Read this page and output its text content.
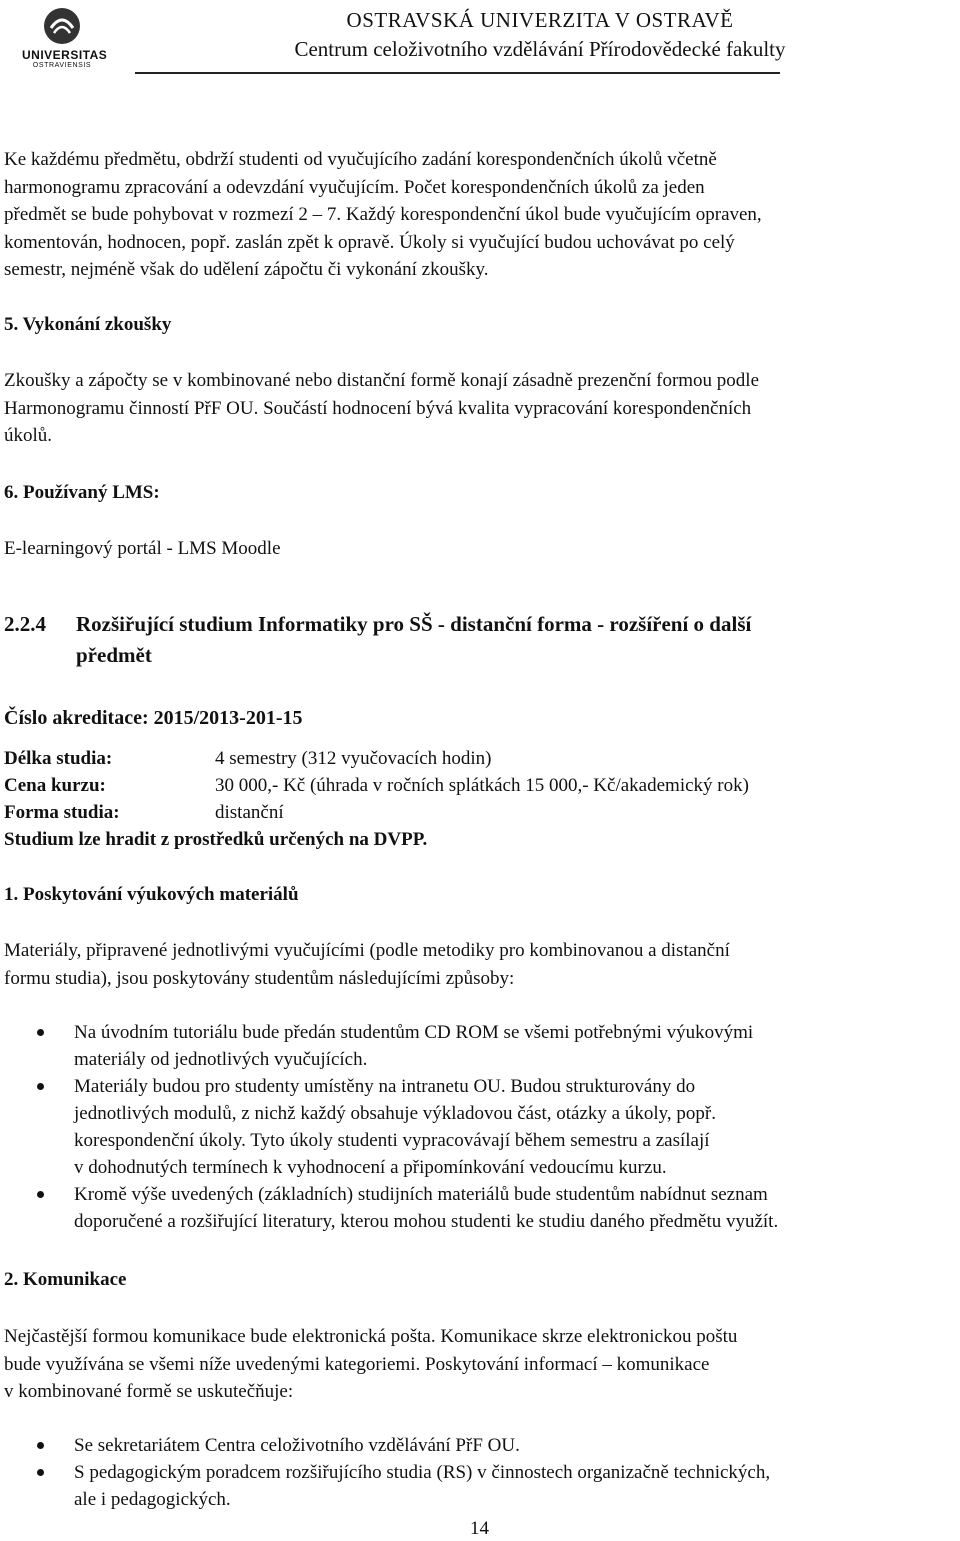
UNIVERSITAS
OSTRAVIENSIS
OSTRAVSKÁ UNIVERZITA V OSTRAVĚ
Centrum celoživotního vzdělávání Přírodovědecké fakulty
Ke každému předmětu, obdrží studenti od vyučujícího zadání korespondenčních úkolů včetně
harmonogramu zpracování a odevzdání vyučujícím. Počet korespondenčních úkolů za jeden
předmět se bude pohybovat v rozmezí 2 – 7. Každý korespondenční úkol bude vyučujícím opraven,
komentován, hodnocen, popř. zaslán zpět k opravě. Úkoly si vyučující budou uchovávat po celý
semestr, nejméně však do udělení zápočtu či vykonání zkoušky.
5. Vykonání zkoušky
Zkoušky a zápočty se v kombinované nebo distanční formě konají zásadně prezenční formou podle
Harmonogramu činností PřF OU. Součástí hodnocení bývá kvalita vypracování korespondenčních
úkolů.
6. Používaný LMS:
E-learningový portál - LMS Moodle
2.2.4 Rozšiřující studium Informatiky pro SŠ - distanční forma - rozšíření o další
předmět
Číslo akreditace: 2015/2013-201-15
Délka studia:	4 semestry (312 vyučovacích hodin)
Cena kurzu:	30 000,- Kč (úhrada v ročních splátkách 15 000,- Kč/akademický rok)
Forma studia:	distanční
Studium lze hradit z prostředků určených na DVPP.
1. Poskytování výukových materiálů
Materiály, připravené jednotlivými vyučujícími (podle metodiky pro kombinovanou a distanční
formu studia), jsou poskytovány studentům následujícími způsoby:
Na úvodním tutoriálu bude předán studentům CD ROM se všemi potřebnými výukovými
materiály od jednotlivých vyučujících.
Materiály budou pro studenty umístěny na intranetu OU. Budou strukturovány do
jednotlivých modulů, z nichž každý obsahuje výkladovou část, otázky a úkoly, popř.
korespondenční úkoly. Tyto úkoly studenti vypracovávají během semestru a zasílají
v dohodnutých termínech k vyhodnocení a připomínkování vedoucímu kurzu.
Kromě výše uvedených (základních) studijních materiálů bude studentům nabídnut seznam
doporučené a rozšiřující literatury, kterou mohou studenti ke studiu daného předmětu využít.
2. Komunikace
Nejčastější formou komunikace bude elektronická pošta. Komunikace skrze elektronickou poštu
bude využívána se všemi níže uvedenými kategoriemi. Poskytování informací – komunikace
v kombinované formě se uskutečňuje:
Se sekretariátem Centra celoživotního vzdělávání PřF OU.
S pedagogickým poradcem rozšiřujícího studia (RS) v činnostech organizačně technických,
ale i pedagogických.
14
